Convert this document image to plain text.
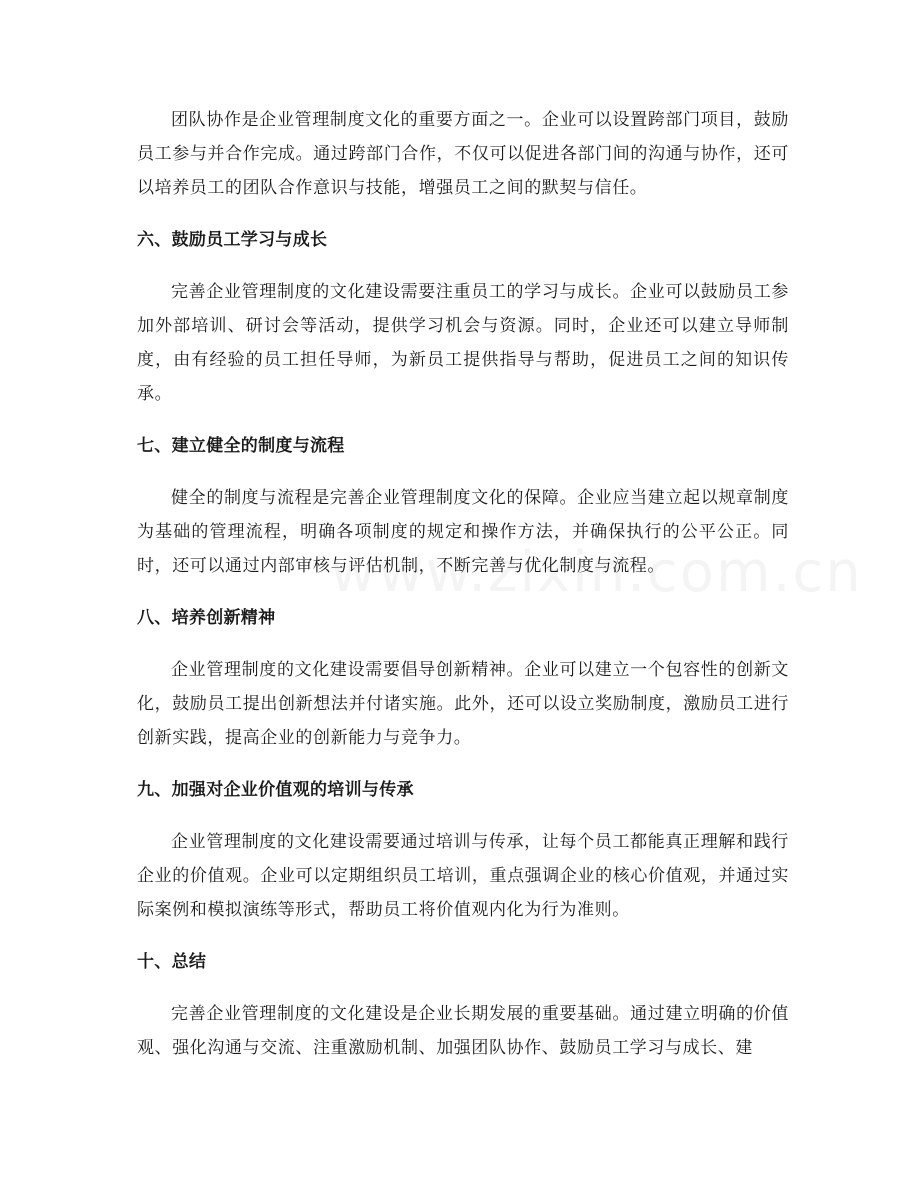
团队协作是企业管理制度文化的重要方面之一。企业可以设置跨部门项目，鼓励员工参与并合作完成。通过跨部门合作，不仅可以促进各部门间的沟通与协作，还可以培养员工的团队合作意识与技能，增强员工之间的默契与信任。

六、鼓励员工学习与成长

完善企业管理制度的文化建设需要注重员工的学习与成长。企业可以鼓励员工参加外部培训、研讨会等活动，提供学习机会与资源。同时，企业还可以建立导师制度，由有经验的员工担任导师，为新员工提供指导与帮助，促进员工之间的知识传承。

七、建立健全的制度与流程

健全的制度与流程是完善企业管理制度文化的保障。企业应当建立起以规章制度为基础的管理流程，明确各项制度的规定和操作方法，并确保执行的公平公正。同时，还可以通过内部审核与评估机制，不断完善与优化制度与流程。

八、培养创新精神

企业管理制度的文化建设需要倡导创新精神。企业可以建立一个包容性的创新文化，鼓励员工提出创新想法并付诸实施。此外，还可以设立奖励制度，激励员工进行创新实践，提高企业的创新能力与竞争力。

九、加强对企业价值观的培训与传承

企业管理制度的文化建设需要通过培训与传承，让每个员工都能真正理解和践行企业的价值观。企业可以定期组织员工培训，重点强调企业的核心价值观，并通过实际案例和模拟演练等形式，帮助员工将价值观内化为行为准则。

十、总结

完善企业管理制度的文化建设是企业长期发展的重要基础。通过建立明确的价值观、强化沟通与交流、注重激励机制、加强团队协作、鼓励员工学习与成长、建
